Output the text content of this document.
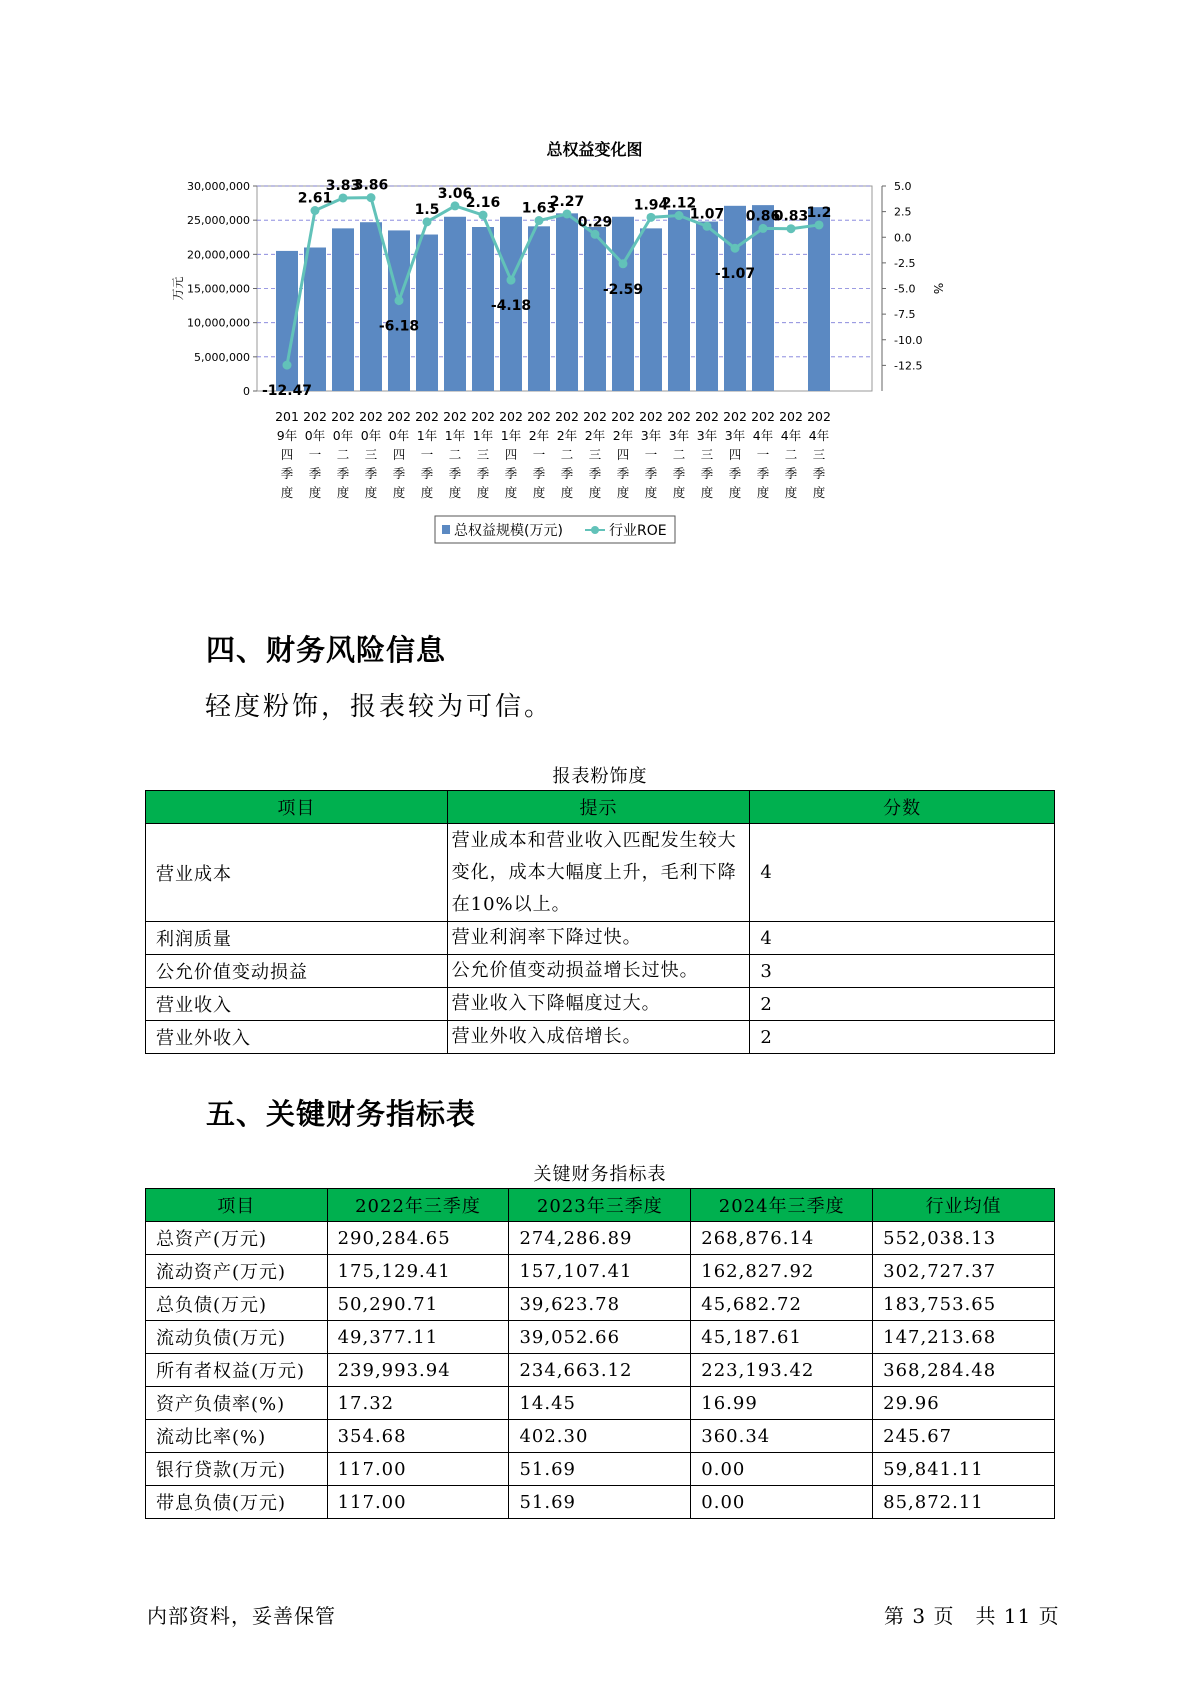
总权益变化图
0
5,000,000
10,000,000
15,000,000
20,000,000
25,000,000
30,000,000
-12.5
-10.0
-7.5
-5.0
-2.5
0.0
2.5
5.0
万元	%
-12.47
2.61
3.83
3.86
-6.18
1.5
3.06
2.16
-4.18
1.63
2.27
0.29
-2.59
1.94
2.12
1.07
-1.07
0.86
0.83
1.2
201 9年四季度
202 0年一季度
202 0年二季度
202 0年三季度
202 0年四季度
202 1年一季度
202 1年二季度
202 1年三季度
202 1年四季度
202 2年一季度
202 2年二季度
202 2年三季度
202 2年四季度
202 3年一季度
202 3年二季度
202 3年三季度
202 3年四季度
202 4年一季度
202 4年二季度
202 4年三季度
总权益规模(万元)	行业ROE
四、财务风险信息
轻度粉饰，报表较为可信。
报表粉饰度
项目	提示	分数
营业成本	营业成本和营业收入匹配发生较大变化，成本大幅度上升，毛利下降在10%以上。	4
利润质量	营业利润率下降过快。	4
公允价值变动损益	公允价值变动损益增长过快。	3
营业收入	营业收入下降幅度过大。	2
营业外收入	营业外收入成倍增长。	2
五、关键财务指标表
关键财务指标表
项目	2022年三季度	2023年三季度	2024年三季度	行业均值
总资产(万元)	290,284.65	274,286.89	268,876.14	552,038.13
流动资产(万元)	175,129.41	157,107.41	162,827.92	302,727.37
总负债(万元)	50,290.71	39,623.78	45,682.72	183,753.65
流动负债(万元)	49,377.11	39,052.66	45,187.61	147,213.68
所有者权益(万元)	239,993.94	234,663.12	223,193.42	368,284.48
资产负债率(%)	17.32	14.45	16.99	29.96
流动比率(%)	354.68	402.30	360.34	245.67
银行贷款(万元)	117.00	51.69	0.00	59,841.11
带息负债(万元)	117.00	51.69	0.00	85,872.11
内部资料，妥善保管	第 3 页　共 11 页
